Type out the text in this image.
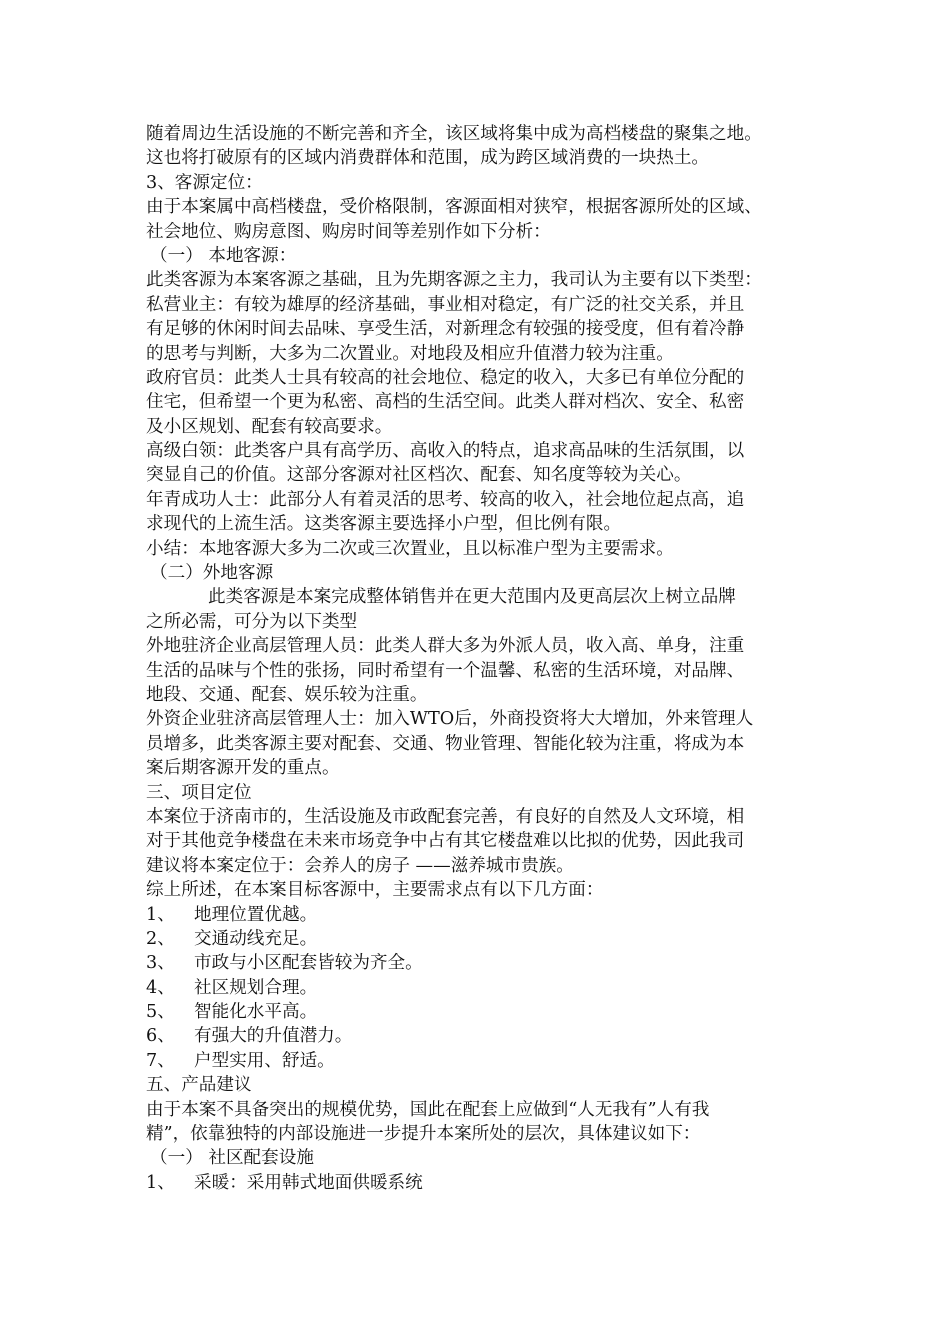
随着周边生活设施的不断完善和齐全，该区域将集中成为高档楼盘的聚集之地。
这也将打破原有的区域内消费群体和范围，成为跨区域消费的一块热土。
3、客源定位：
由于本案属中高档楼盘，受价格限制，客源面相对狭窄，根据客源所处的区域、
社会地位、购房意图、购房时间等差别作如下分析：
（一） 本地客源：
此类客源为本案客源之基础，且为先期客源之主力，我司认为主要有以下类型：
私营业主：有较为雄厚的经济基础，事业相对稳定，有广泛的社交关系，并且
有足够的休闲时间去品味、享受生活，对新理念有较强的接受度，但有着冷静
的思考与判断，大多为二次置业。对地段及相应升值潜力较为注重。
政府官员：此类人士具有较高的社会地位、稳定的收入，大多已有单位分配的
住宅，但希望一个更为私密、高档的生活空间。此类人群对档次、安全、私密
及小区规划、配套有较高要求。
高级白领：此类客户具有高学历、高收入的特点，追求高品味的生活氛围，以
突显自己的价值。这部分客源对社区档次、配套、知名度等较为关心。
年青成功人士：此部分人有着灵活的思考、较高的收入，社会地位起点高，追
求现代的上流生活。这类客源主要选择小户型，但比例有限。
小结：本地客源大多为二次或三次置业，且以标准户型为主要需求。
（二）外地客源
此类客源是本案完成整体销售并在更大范围内及更高层次上树立品牌
之所必需，可分为以下类型
外地驻济企业高层管理人员：此类人群大多为外派人员，收入高、单身，注重
生活的品味与个性的张扬，同时希望有一个温馨、私密的生活环境，对品牌、
地段、交通、配套、娱乐较为注重。
外资企业驻济高层管理人士：加入WTO后，外商投资将大大增加，外来管理人
员增多，此类客源主要对配套、交通、物业管理、智能化较为注重，将成为本
案后期客源开发的重点。
三、项目定位
本案位于济南市的，生活设施及市政配套完善，有良好的自然及人文环境，相
对于其他竞争楼盘在未来市场竞争中占有其它楼盘难以比拟的优势，因此我司
建议将本案定位于：会养人的房子 ——滋养城市贵族。
综上所述，在本案目标客源中，主要需求点有以下几方面：
1、 地理位置优越。
2、 交通动线充足。
3、 市政与小区配套皆较为齐全。
4、 社区规划合理。
5、 智能化水平高。
6、 有强大的升值潜力。
7、 户型实用、舒适。
五、产品建议
由于本案不具备突出的规模优势，国此在配套上应做到“人无我有”人有我
精”，依靠独特的内部设施进一步提升本案所处的层次，具体建议如下：
（一） 社区配套设施
1、 采暖：采用韩式地面供暖系统
